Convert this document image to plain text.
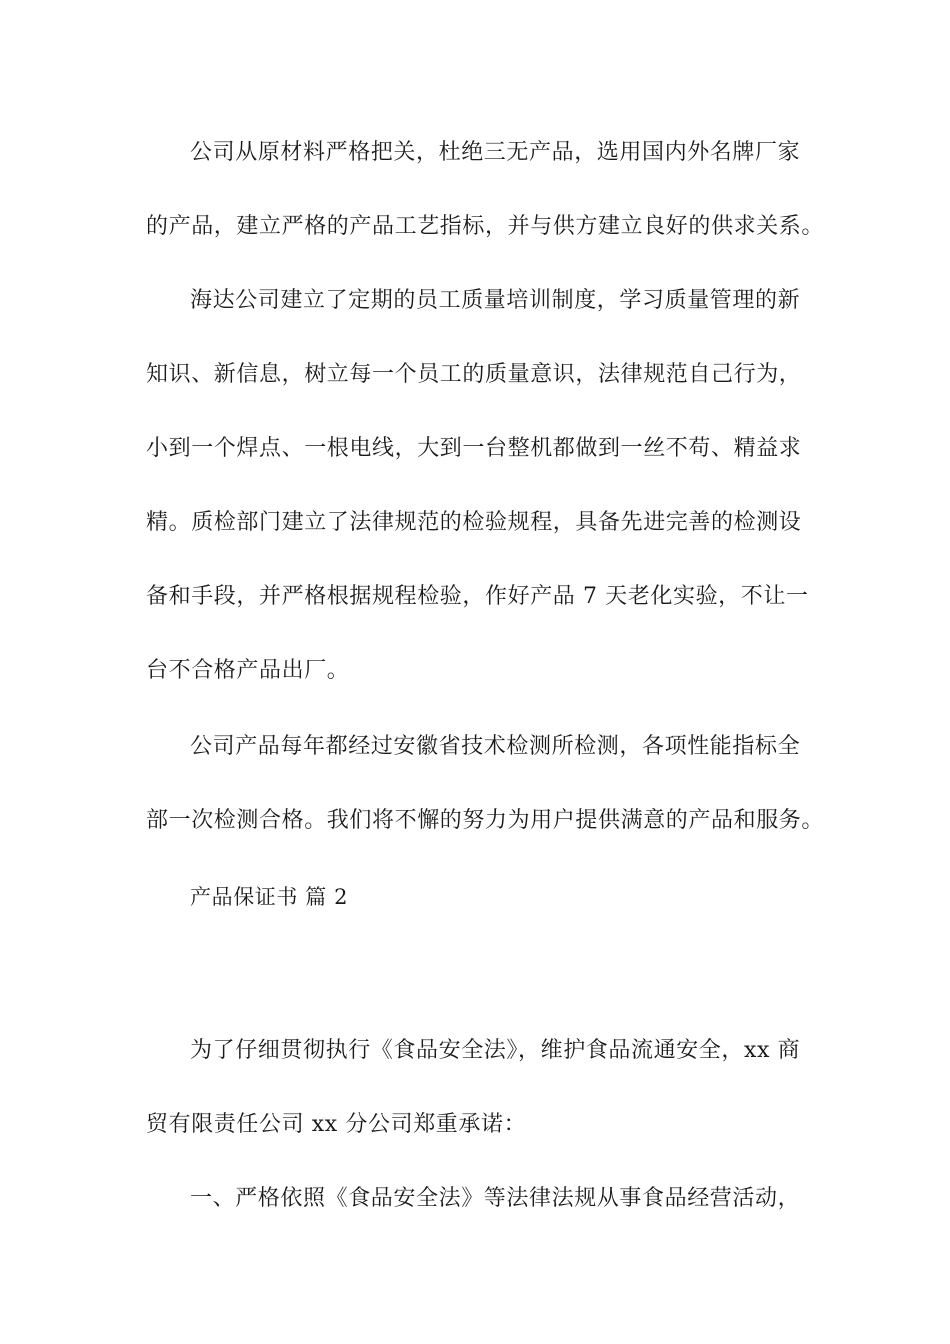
公司从原材料严格把关，杜绝三无产品，选用国内外名牌厂家
的产品，建立严格的产品工艺指标，并与供方建立良好的供求关系。
海达公司建立了定期的员工质量培训制度，学习质量管理的新
知识、新信息，树立每一个员工的质量意识，法律规范自己行为，
小到一个焊点、一根电线，大到一台整机都做到一丝不苟、精益求
精。质检部门建立了法律规范的检验规程，具备先进完善的检测设
备和手段，并严格根据规程检验，作好产品 7 天老化实验，不让一
台不合格产品出厂。
公司产品每年都经过安徽省技术检测所检测，各项性能指标全
部一次检测合格。我们将不懈的努力为用户提供满意的产品和服务。
产品保证书 篇 2
为了仔细贯彻执行《食品安全法》，维护食品流通安全，xx 商
贸有限责任公司 xx 分公司郑重承诺：
一、严格依照《食品安全法》等法律法规从事食品经营活动，
